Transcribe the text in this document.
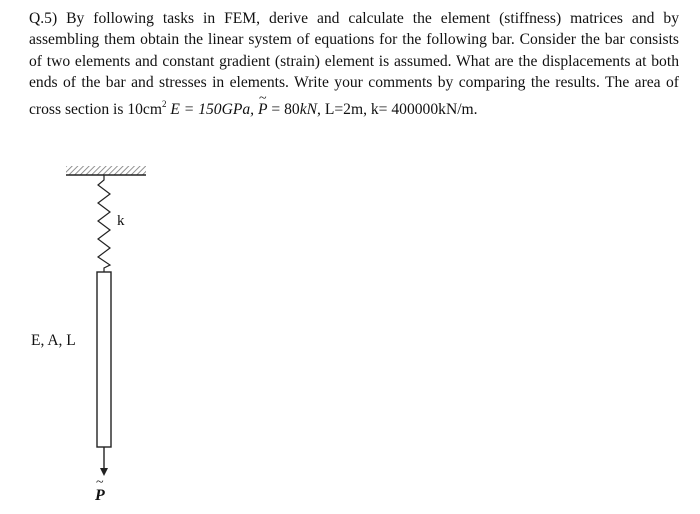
Q.5) By following tasks in FEM, derive and calculate the element (stiffness) matrices and by assembling them obtain the linear system of equations for the following bar. Consider the bar consists of two elements and constant gradient (strain) element is assumed. What are the displacements at both ends of the bar and stresses in elements. Write your comments by comparing the results. The area of cross section is $10cm^2$ E = 150GPa, ~ P = 80kN, L=2m, k= 400000kN/m.

k
E, A, L
~ P
